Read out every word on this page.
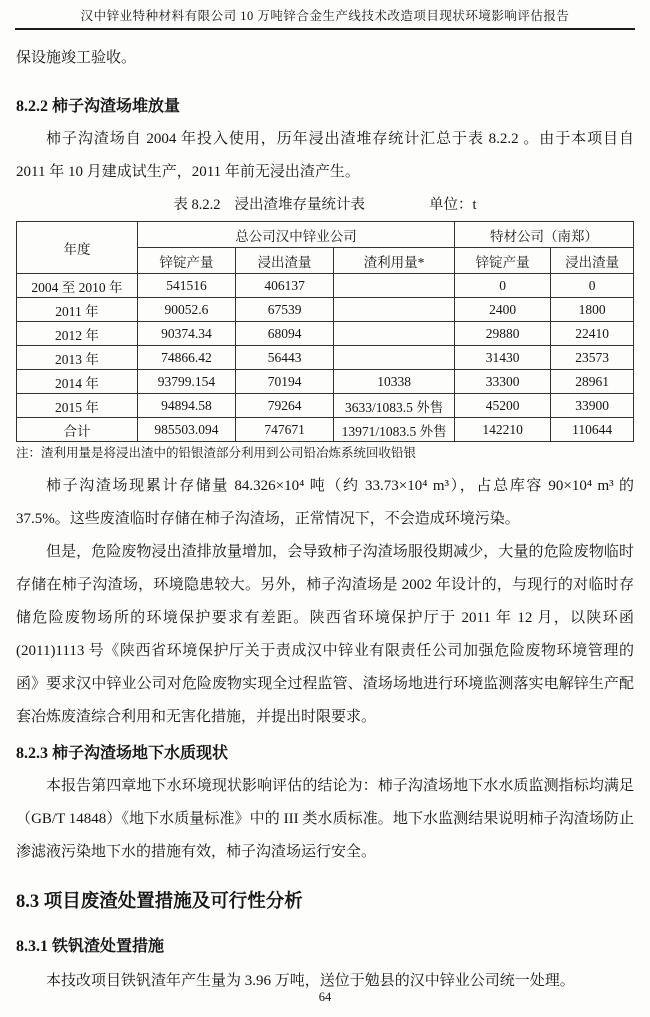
汉中锌业特种材料有限公司 10 万吨锌合金生产线技术改造项目现状环境影响评估报告

保设施竣工验收。

8.2.2 柿子沟渣场堆放量

柿子沟渣场自 2004 年投入使用，历年浸出渣堆存统计汇总于表 8.2.2 。由于本项目自 2011 年 10 月建成试生产，2011 年前无浸出渣产生。

表 8.2.2 浸出渣堆存量统计表	单位：t
年度	总公司汉中锌业公司			特材公司（南郑）	
	锌锭产量	浸出渣量	渣利用量*	锌锭产量	浸出渣量
2004 至 2010 年	541516	406137		0	0
2011 年	90052.6	67539		2400	1800
2012 年	90374.34	68094		29880	22410
2013 年	74866.42	56443		31430	23573
2014 年	93799.154	70194	10338	33300	28961
2015 年	94894.58	79264	3633/1083.5 外售	45200	33900
合计	985503.094	747671	13971/1083.5 外售	142210	110644
注：渣利用量是将浸出渣中的铅银渣部分利用到公司铅冶炼系统回收铅银

柿子沟渣场现累计存储量 84.326×10⁴ 吨（约 33.73×10⁴ m³），占总库容 90×10⁴ m³ 的 37.5%。这些废渣临时存储在柿子沟渣场，正常情况下，不会造成环境污染。

但是，危险废物浸出渣排放量增加，会导致柿子沟渣场服役期减少，大量的危险废物临时存储在柿子沟渣场，环境隐患较大。另外，柿子沟渣场是 2002 年设计的，与现行的对临时存储危险废物场所的环境保护要求有差距。陕西省环境保护厅于 2011 年 12 月，以陕环函(2011)1113 号《陕西省环境保护厅关于责成汉中锌业有限责任公司加强危险废物环境管理的函》要求汉中锌业公司对危险废物实现全过程监管、渣场场地进行环境监测落实电解锌生产配套冶炼废渣综合利用和无害化措施，并提出时限要求。

8.2.3 柿子沟渣场地下水质现状

本报告第四章地下水环境现状影响评估的结论为：柿子沟渣场地下水水质监测指标均满足（GB/T 14848）《地下水质量标准》中的 III 类水质标准。地下水监测结果说明柿子沟渣场防止渗滤液污染地下水的措施有效，柿子沟渣场运行安全。

8.3 项目废渣处置措施及可行性分析
8.3.1 铁钒渣处置措施

本技改项目铁钒渣年产生量为 3.96 万吨，送位于勉县的汉中锌业公司统一处理。

64
